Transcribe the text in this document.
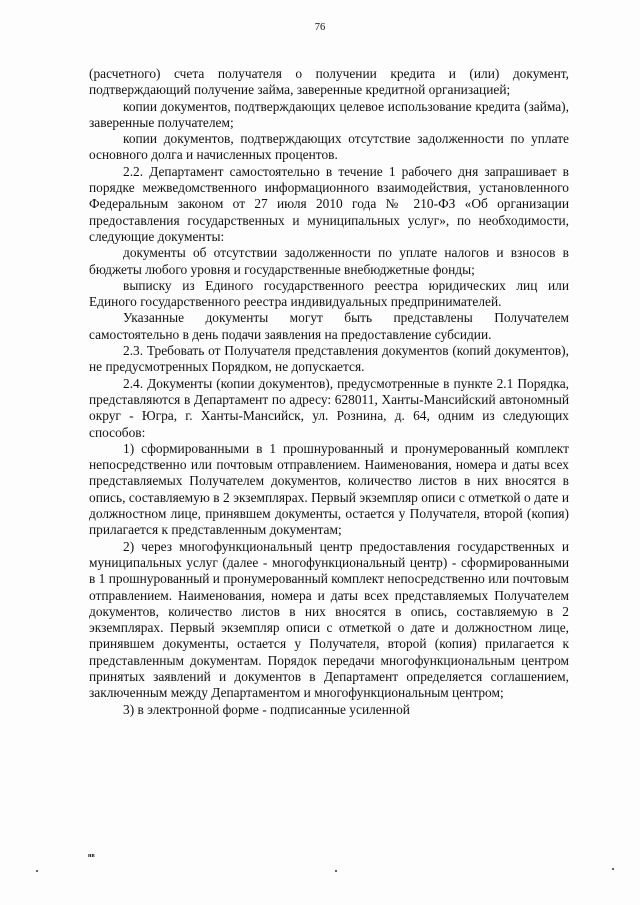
76

(расчетного) счета получателя о получении кредита и (или) документ, подтверждающий получение займа, заверенные кредитной организацией;

копии документов, подтверждающих целевое использование кредита (займа), заверенные получателем;

копии документов, подтверждающих отсутствие задолженности по уплате основного долга и начисленных процентов.

2.2. Департамент самостоятельно в течение 1 рабочего дня запрашивает в порядке межведомственного информационного взаимодействия, установленного Федеральным законом от 27 июля 2010 года № 210-ФЗ «Об организации предоставления государственных и муниципальных услуг», по необходимости, следующие документы:

документы об отсутствии задолженности по уплате налогов и взносов в бюджеты любого уровня и государственные внебюджетные фонды;

выписку из Единого государственного реестра юридических лиц или Единого государственного реестра индивидуальных предпринимателей.

Указанные документы могут быть представлены Получателем самостоятельно в день подачи заявления на предоставление субсидии.

2.3. Требовать от Получателя представления документов (копий документов), не предусмотренных Порядком, не допускается.

2.4. Документы (копии документов), предусмотренные в пункте 2.1 Порядка, представляются в Департамент по адресу: 628011, Ханты-Мансийский автономный округ - Югра, г. Ханты-Мансийск, ул. Рознина, д. 64, одним из следующих способов:

1) сформированными в 1 прошнурованный и пронумерованный комплект непосредственно или почтовым отправлением. Наименования, номера и даты всех представляемых Получателем документов, количество листов в них вносятся в опись, составляемую в 2 экземплярах. Первый экземпляр описи с отметкой о дате и должностном лице, принявшем документы, остается у Получателя, второй (копия) прилагается к представленным документам;

2) через многофункциональный центр предоставления государственных и муниципальных услуг (далее - многофункциональный центр) - сформированными в 1 прошнурованный и пронумерованный комплект непосредственно или почтовым отправлением. Наименования, номера и даты всех представляемых Получателем документов, количество листов в них вносятся в опись, составляемую в 2 экземплярах. Первый экземпляр описи с отметкой о дате и должностном лице, принявшем документы, остается у Получателя, второй (копия) прилагается к представленным документам. Порядок передачи многофункциональным центром принятых заявлений и документов в Департамент определяется соглашением, заключенным между Департаментом и многофункциональным центром;

3) в электронной форме - подписанные усиленной

нв
